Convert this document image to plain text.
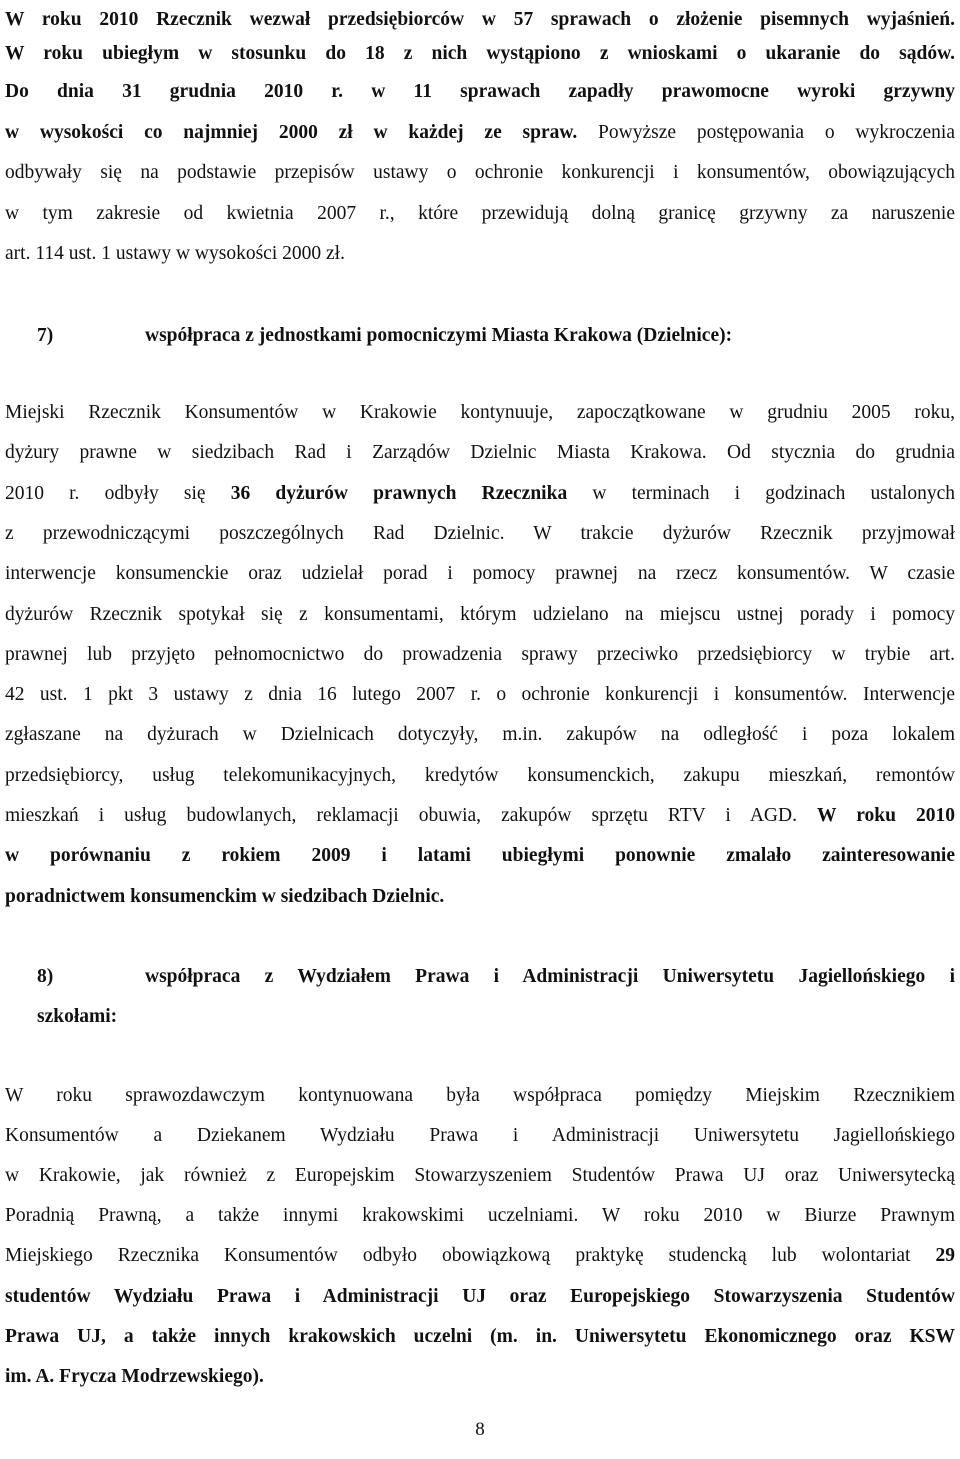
W roku 2010 Rzecznik wezwał przedsiębiorców w 57 sprawach o złożenie pisemnych wyjaśnień.
W roku ubiegłym w stosunku do 18 z nich wystąpiono z wnioskami o ukaranie do sądów.
Do dnia 31 grudnia 2010 r. w 11 sprawach zapadły prawomocne wyroki grzywny
w wysokości co najmniej 2000 zł w każdej ze spraw. Powyższe postępowania o wykroczenia
odbywały się na podstawie przepisów ustawy o ochronie konkurencji i konsumentów, obowiązujących
w tym zakresie od kwietnia 2007 r., które przewidują dolną granicę grzywny za naruszenie
art. 114 ust. 1 ustawy w wysokości 2000 zł.
7)	współpraca z jednostkami pomocniczymi Miasta Krakowa (Dzielnice):
Miejski Rzecznik Konsumentów w Krakowie kontynuuje, zapoczątkowane w grudniu 2005 roku,
dyżury prawne w siedzibach Rad i Zarządów Dzielnic Miasta Krakowa. Od stycznia do grudnia
2010 r. odbyły się 36 dyżurów prawnych Rzecznika w terminach i godzinach ustalonych
z przewodniczącymi poszczególnych Rad Dzielnic. W trakcie dyżurów Rzecznik przyjmował
interwencje konsumenckie oraz udzielał porad i pomocy prawnej na rzecz konsumentów. W czasie
dyżurów Rzecznik spotykał się z konsumentami, którym udzielano na miejscu ustnej porady i pomocy
prawnej lub przyjęto pełnomocnictwo do prowadzenia sprawy przeciwko przedsiębiorcy w trybie art.
42 ust. 1 pkt 3 ustawy z dnia 16 lutego 2007 r. o ochronie konkurencji i konsumentów. Interwencje
zgłaszane na dyżurach w Dzielnicach dotyczyły, m.in. zakupów na odległość i poza lokalem
przedsiębiorcy, usług telekomunikacyjnych, kredytów konsumenckich, zakupu mieszkań, remontów
mieszkań i usług budowlanych, reklamacji obuwia, zakupów sprzętu RTV i AGD. W roku 2010
w porównaniu z rokiem 2009 i latami ubiegłymi ponownie zmalało zainteresowanie
poradnictwem konsumenckim w siedzibach Dzielnic.
8)	współpraca z Wydziałem Prawa i Administracji Uniwersytetu Jagiellońskiego i
szkołami:
W roku sprawozdawczym kontynuowana była współpraca pomiędzy Miejskim Rzecznikiem
Konsumentów a Dziekanem Wydziału Prawa i Administracji Uniwersytetu Jagiellońskiego
w Krakowie, jak również z Europejskim Stowarzyszeniem Studentów Prawa UJ oraz Uniwersytecką
Poradnią Prawną, a także innymi krakowskimi uczelniami. W roku 2010 w Biurze Prawnym
Miejskiego Rzecznika Konsumentów odbyło obowiązkową praktykę studencką lub wolontariat 29
studentów Wydziału Prawa i Administracji UJ oraz Europejskiego Stowarzyszenia Studentów
Prawa UJ, a także innych krakowskich uczelni (m. in. Uniwersytetu Ekonomicznego oraz KSW
im. A. Frycza Modrzewskiego).
8
